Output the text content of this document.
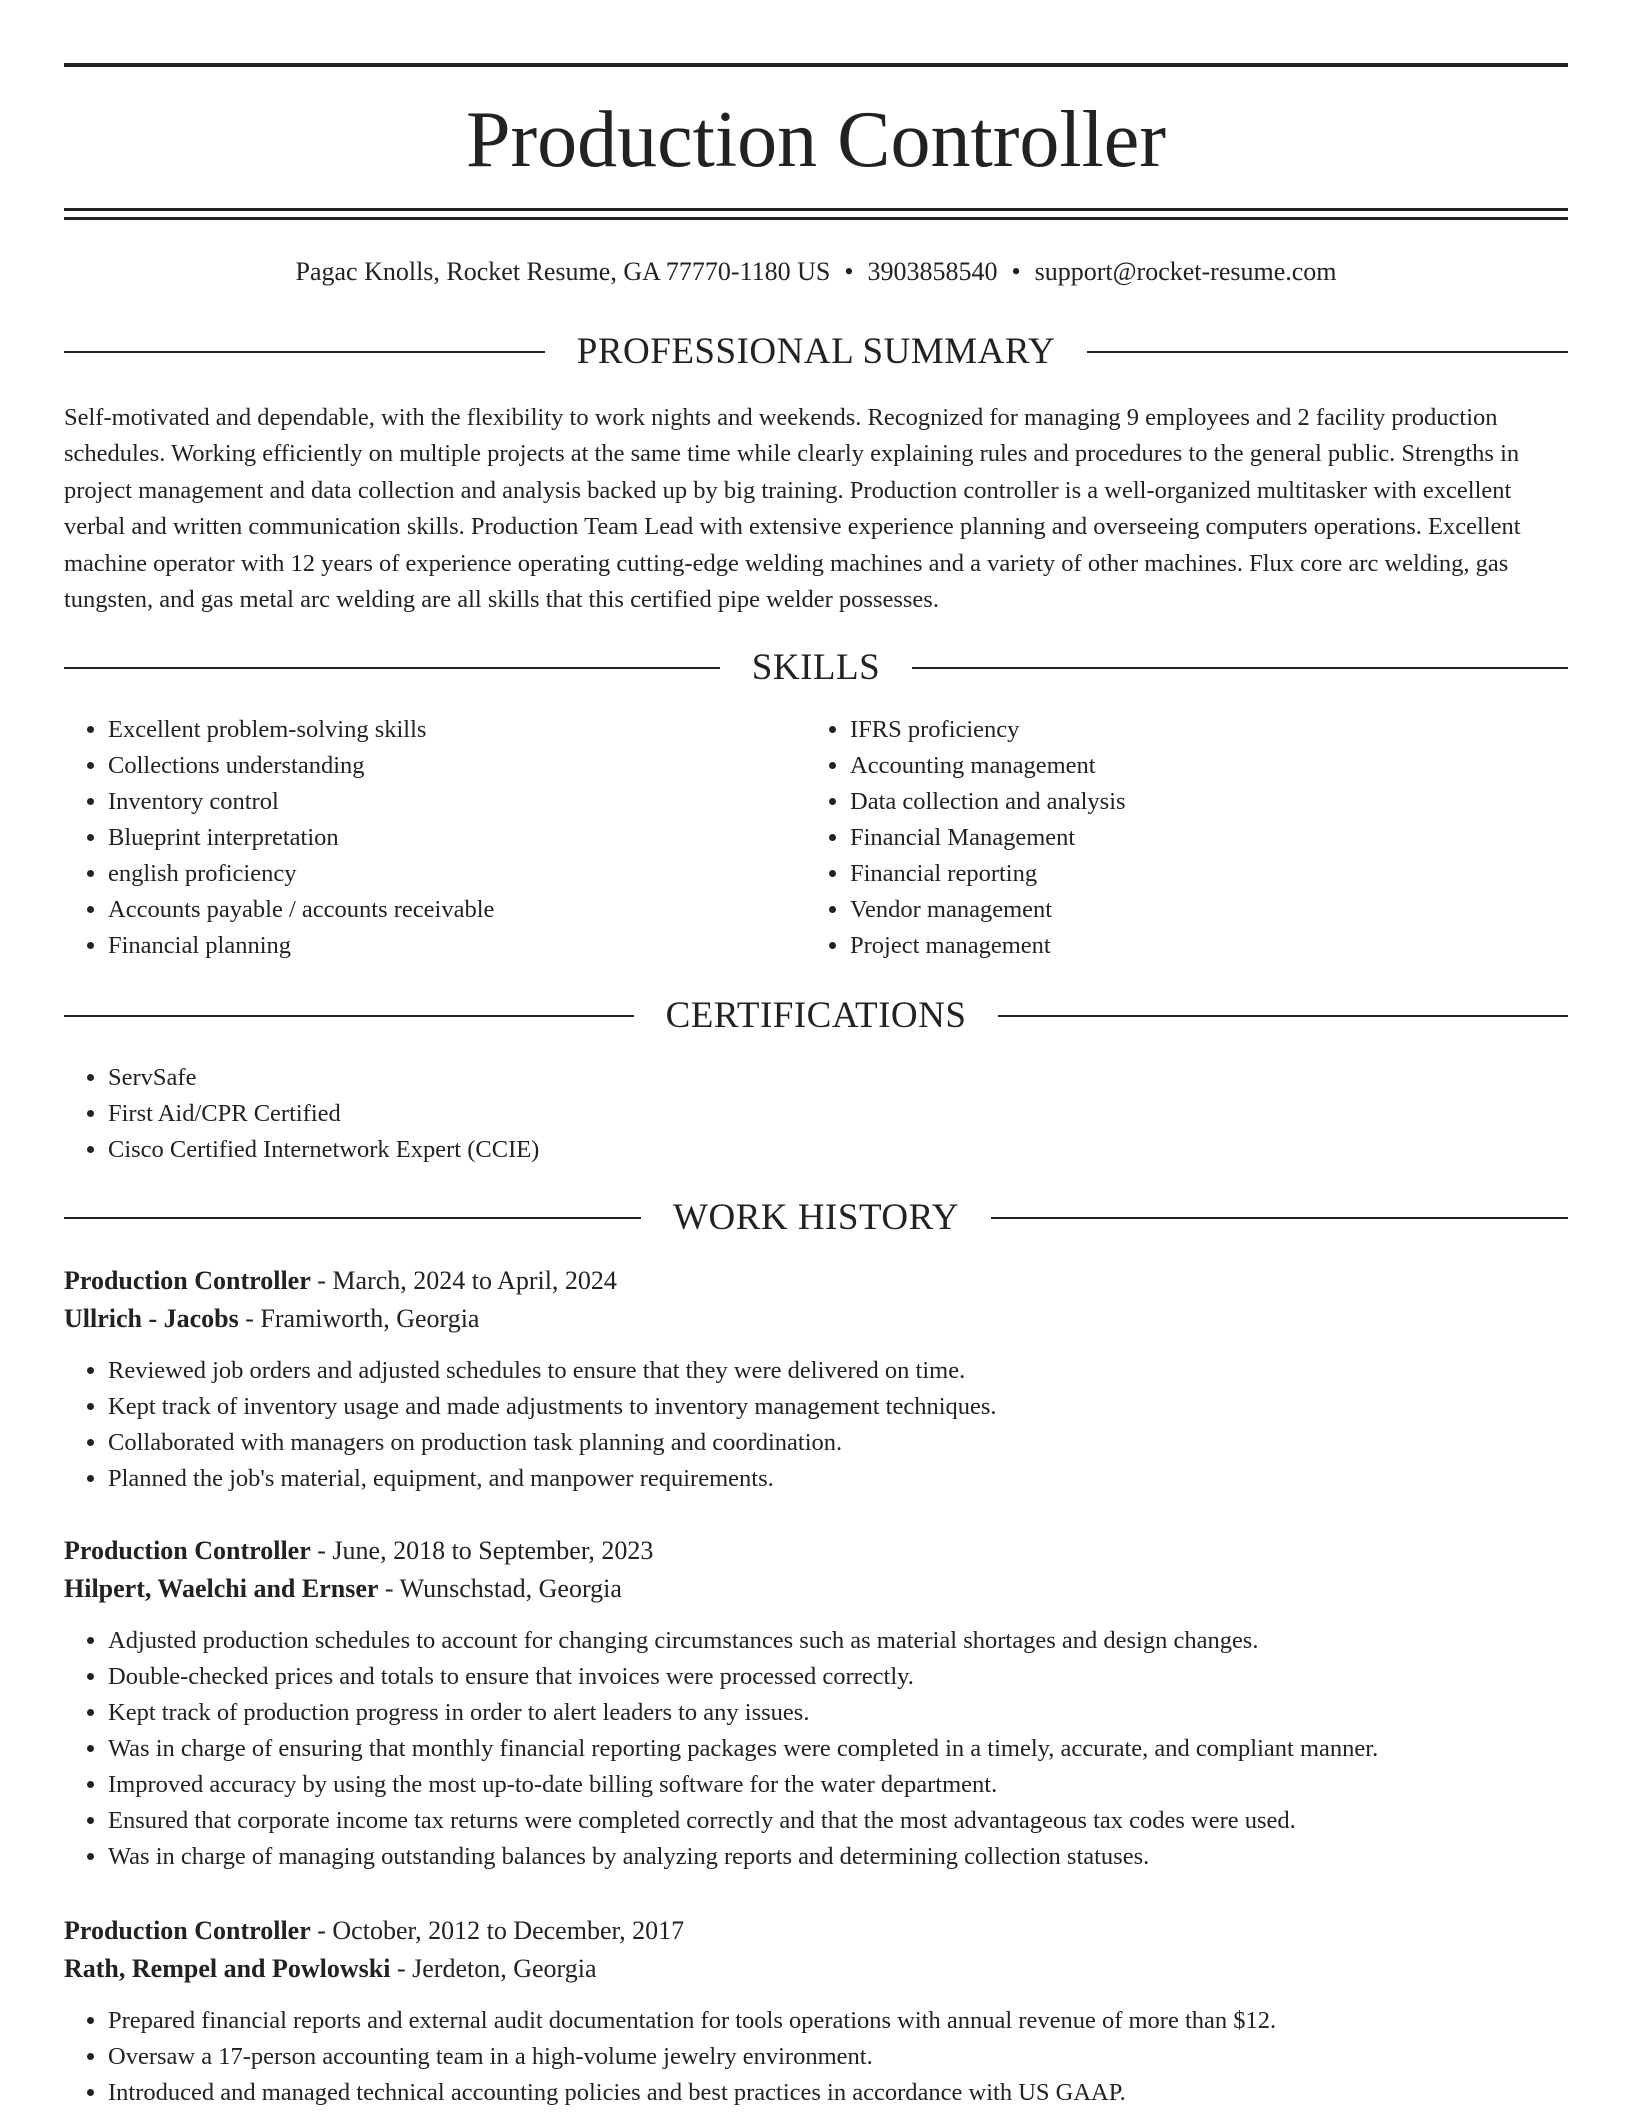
Production Controller
Pagac Knolls, Rocket Resume, GA 77770-1180 US • 3903858540 • support@rocket-resume.com
PROFESSIONAL SUMMARY

Self-motivated and dependable, with the flexibility to work nights and weekends. Recognized for managing 9 employees and 2 facility production schedules. Working efficiently on multiple projects at the same time while clearly explaining rules and procedures to the general public. Strengths in project management and data collection and analysis backed up by big training. Production controller is a well-organized multitasker with excellent verbal and written communication skills. Production Team Lead with extensive experience planning and overseeing computers operations. Excellent machine operator with 12 years of experience operating cutting-edge welding machines and a variety of other machines. Flux core arc welding, gas tungsten, and gas metal arc welding are all skills that this certified pipe welder possesses.

SKILLS
• Excellent problem-solving skills
• Collections understanding
• Inventory control
• Blueprint interpretation
• english proficiency
• Accounts payable / accounts receivable
• Financial planning
• IFRS proficiency
• Accounting management
• Data collection and analysis
• Financial Management
• Financial reporting
• Vendor management
• Project management
CERTIFICATIONS
• ServSafe
• First Aid/CPR Certified
• Cisco Certified Internetwork Expert (CCIE)
WORK HISTORY
Production Controller - March, 2024 to April, 2024
Ullrich - Jacobs - Framiworth, Georgia
• Reviewed job orders and adjusted schedules to ensure that they were delivered on time.
• Kept track of inventory usage and made adjustments to inventory management techniques.
• Collaborated with managers on production task planning and coordination.
• Planned the job's material, equipment, and manpower requirements.
Production Controller - June, 2018 to September, 2023
Hilpert, Waelchi and Ernser - Wunschstad, Georgia
• Adjusted production schedules to account for changing circumstances such as material shortages and design changes.
• Double-checked prices and totals to ensure that invoices were processed correctly.
• Kept track of production progress in order to alert leaders to any issues.
• Was in charge of ensuring that monthly financial reporting packages were completed in a timely, accurate, and compliant manner.
• Improved accuracy by using the most up-to-date billing software for the water department.
• Ensured that corporate income tax returns were completed correctly and that the most advantageous tax codes were used.
• Was in charge of managing outstanding balances by analyzing reports and determining collection statuses.
Production Controller - October, 2012 to December, 2017
Rath, Rempel and Powlowski - Jerdeton, Georgia
• Prepared financial reports and external audit documentation for tools operations with annual revenue of more than $12.
• Oversaw a 17-person accounting team in a high-volume jewelry environment.
• Introduced and managed technical accounting policies and best practices in accordance with US GAAP.
